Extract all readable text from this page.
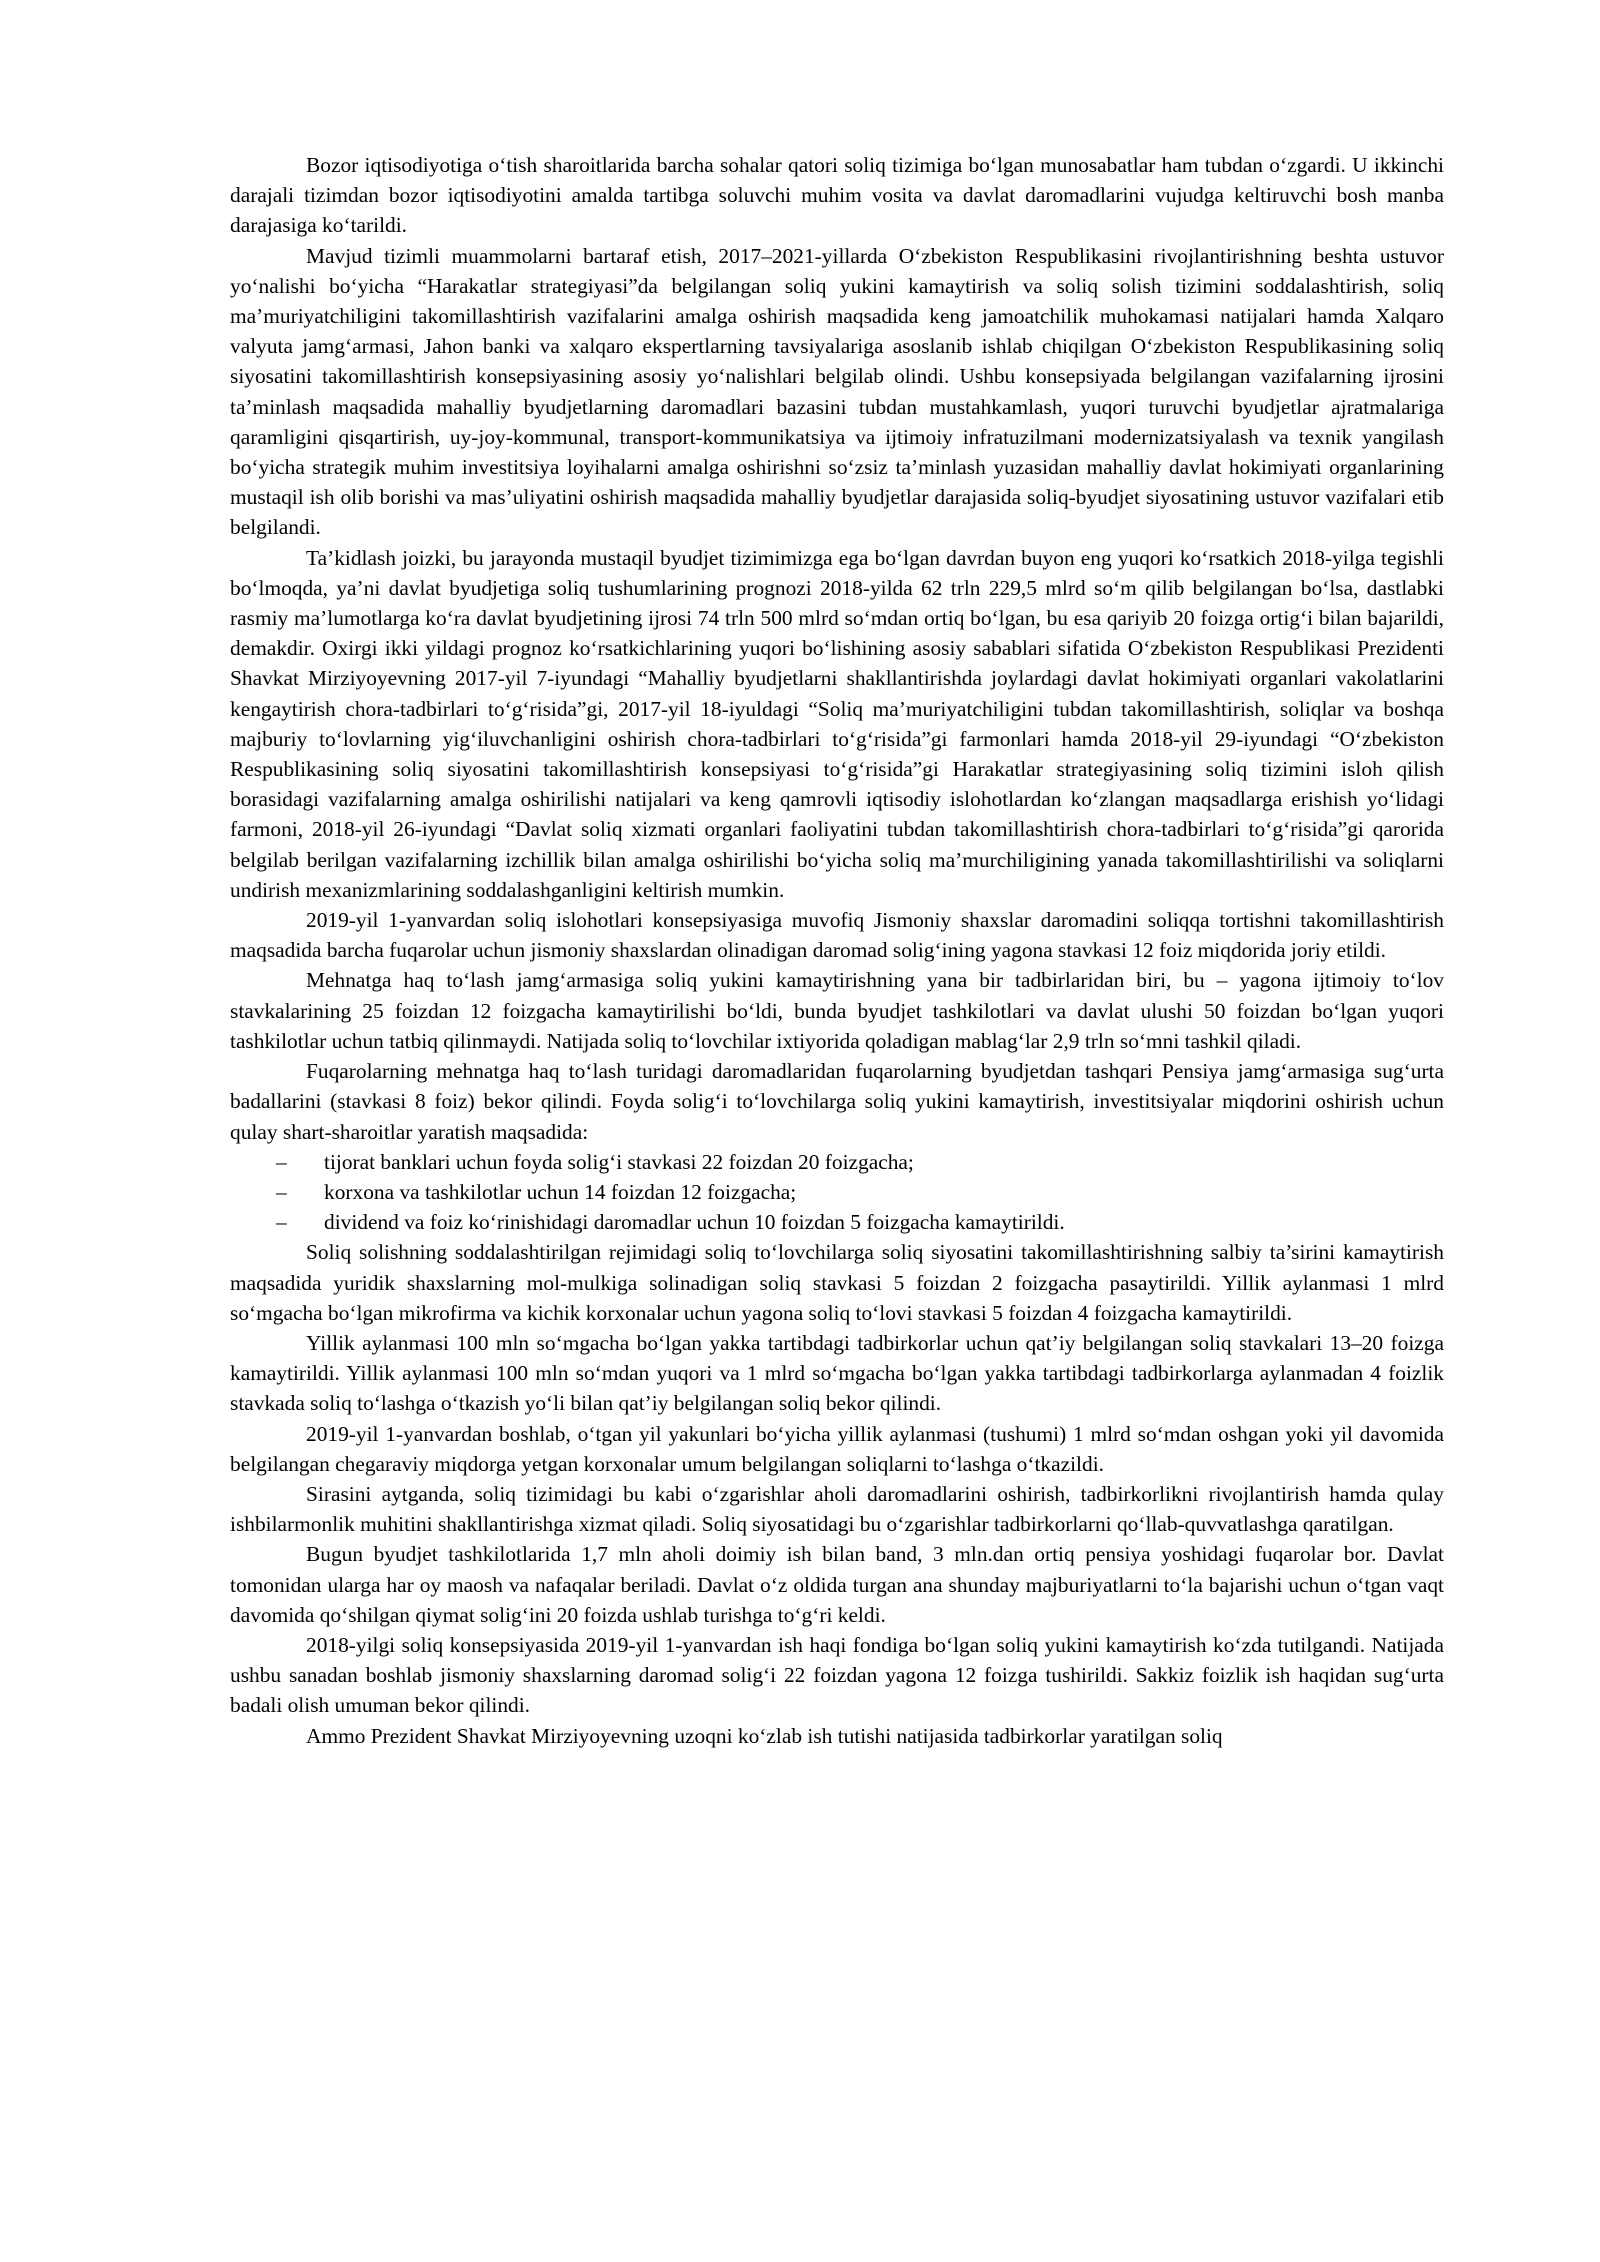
Bozor iqtisodiyotiga o‘tish sharoitlarida barcha sohalar qatori soliq tizimiga bo‘lgan munosabatlar ham tubdan o‘zgardi. U ikkinchi darajali tizimdan bozor iqtisodiyotini amalda tartibga soluvchi muhim vosita va davlat daromadlarini vujudga keltiruvchi bosh manba darajasiga ko‘tarildi.

Mavjud tizimli muammolarni bartaraf etish, 2017–2021-yillarda O‘zbekiston Respublikasini rivojlantirishning beshta ustuvor yo‘nalishi bo‘yicha “Harakatlar strategiyasi”da belgilangan soliq yukini kamaytirish va soliq solish tizimini soddalashtirish, soliq ma’muriyatchiligini takomillashtirish vazifalarini amalga oshirish maqsadida keng jamoatchilik muhokamasi natijalari hamda Xalqaro valyuta jamg‘armasi, Jahon banki va xalqaro ekspertlarning tavsiyalariga asoslanib ishlab chiqilgan O‘zbekiston Respublikasining soliq siyosatini takomillashtirish konsepsiyasining asosiy yo‘nalishlari belgilab olindi. Ushbu konsepsiyada belgilangan vazifalarning ijrosini ta’minlash maqsadida mahalliy byudjetlarning daromadlari bazasini tubdan mustahkamlash, yuqori turuvchi byudjetlar ajratmalariga qaramligini qisqartirish, uy-joy-kommunal, transport-kommunikatsiya va ijtimoiy infratuzilmani modernizatsiyalash va texnik yangilash bo‘yicha strategik muhim investitsiya loyihalarni amalga oshirishni so‘zsiz ta’minlash yuzasidan mahalliy davlat hokimiyati organlarining mustaqil ish olib borishi va mas’uliyatini oshirish maqsadida mahalliy byudjetlar darajasida soliq-byudjet siyosatining ustuvor vazifalari etib belgilandi.

Ta’kidlash joizki, bu jarayonda mustaqil byudjet tizimimizga ega bo‘lgan davrdan buyon eng yuqori ko‘rsatkich 2018-yilga tegishli bo‘lmoqda, ya’ni davlat byudjetiga soliq tushumlarining prognozi 2018-yilda 62 trln 229,5 mlrd so‘m qilib belgilangan bo‘lsa, dastlabki rasmiy ma’lumotlarga ko‘ra davlat byudjetining ijrosi 74 trln 500 mlrd so‘mdan ortiq bo‘lgan, bu esa qariyib 20 foizga ortig‘i bilan bajarildi, demakdir. Oxirgi ikki yildagi prognoz ko‘rsatkichlarining yuqori bo‘lishining asosiy sabablari sifatida O‘zbekiston Respublikasi Prezidenti Shavkat Mirziyoyevning 2017-yil 7-iyundagi “Mahalliy byudjetlarni shakllantirishda joylardagi davlat hokimiyati organlari vakolatlarini kengaytirish chora-tadbirlari to‘g‘risida”gi, 2017-yil 18-iyuldagi “Soliq ma’muriyatchiligini tubdan takomillashtirish, soliqlar va boshqa majburiy to‘lovlarning yig‘iluvchanligini oshirish chora-tadbirlari to‘g‘risida”gi farmonlari hamda 2018-yil 29-iyundagi “O‘zbekiston Respublikasining soliq siyosatini takomillashtirish konsepsiyasi to‘g‘risida”gi Harakatlar strategiyasining soliq tizimini isloh qilish borasidagi vazifalarning amalga oshirilishi natijalari va keng qamrovli iqtisodiy islohotlardan ko‘zlangan maqsadlarga erishish yo‘lidagi farmoni, 2018-yil 26-iyundagi “Davlat soliq xizmati organlari faoliyatini tubdan takomillashtirish chora-tadbirlari to‘g‘risida”gi qarorida belgilab berilgan vazifalarning izchillik bilan amalga oshirilishi bo‘yicha soliq ma’murchiligining yanada takomillashtirilishi va soliqlarni undirish mexanizmlarining soddalashganligini keltirish mumkin.

2019-yil 1-yanvardan soliq islohotlari konsepsiyasiga muvofiq Jismoniy shaxslar daromadini soliqqa tortishni takomillashtirish maqsadida barcha fuqarolar uchun jismoniy shaxslardan olinadigan daromad solig‘ining yagona stavkasi 12 foiz miqdorida joriy etildi.

Mehnatga haq to‘lash jamg‘armasiga soliq yukini kamaytirishning yana bir tadbirlaridan biri, bu – yagona ijtimoiy to‘lov stavkalarining 25 foizdan 12 foizgacha kamaytirilishi bo‘ldi, bunda byudjet tashkilotlari va davlat ulushi 50 foizdan bo‘lgan yuqori tashkilotlar uchun tatbiq qilinmaydi. Natijada soliq to‘lovchilar ixtiyorida qoladigan mablag‘lar 2,9 trln so‘mni tashkil qiladi.

Fuqarolarning mehnatga haq to‘lash turidagi daromadlaridan fuqarolarning byudjetdan tashqari Pensiya jamg‘armasiga sug‘urta badallarini (stavkasi 8 foiz) bekor qilindi. Foyda solig‘i to‘lovchilarga soliq yukini kamaytirish, investitsiyalar miqdorini oshirish uchun qulay shart-sharoitlar yaratish maqsadida:

–	tijorat banklari uchun foyda solig‘i stavkasi 22 foizdan 20 foizgacha;
–	korxona va tashkilotlar uchun 14 foizdan 12 foizgacha;
–	dividend va foiz ko‘rinishidagi daromadlar uchun 10 foizdan 5 foizgacha kamaytirildi.

Soliq solishning soddalashtirilgan rejimidagi soliq to‘lovchilarga soliq siyosatini takomillashtirishning salbiy ta’sirini kamaytirish maqsadida yuridik shaxslarning mol-mulkiga solinadigan soliq stavkasi 5 foizdan 2 foizgacha pasaytirildi. Yillik aylanmasi 1 mlrd so‘mgacha bo‘lgan mikrofirma va kichik korxonalar uchun yagona soliq to‘lovi stavkasi 5 foizdan 4 foizgacha kamaytirildi.

Yillik aylanmasi 100 mln so‘mgacha bo‘lgan yakka tartibdagi tadbirkorlar uchun qat’iy belgilangan soliq stavkalari 13–20 foizga kamaytirildi. Yillik aylanmasi 100 mln so‘mdan yuqori va 1 mlrd so‘mgacha bo‘lgan yakka tartibdagi tadbirkorlarga aylanmadan 4 foizlik stavkada soliq to‘lashga o‘tkazish yo‘li bilan qat’iy belgilangan soliq bekor qilindi.

2019-yil 1-yanvardan boshlab, o‘tgan yil yakunlari bo‘yicha yillik aylanmasi (tushumi) 1 mlrd so‘mdan oshgan yoki yil davomida belgilangan chegaraviy miqdorga yetgan korxonalar umum belgilangan soliqlarni to‘lashga o‘tkazildi.

Sirasini aytganda, soliq tizimidagi bu kabi o‘zgarishlar aholi daromadlarini oshirish, tadbirkorlikni rivojlantirish hamda qulay ishbilarmonlik muhitini shakllantirishga xizmat qiladi. Soliq siyosatidagi bu o‘zgarishlar tadbirkorlarni qo‘llab-quvvatlashga qaratilgan.

Bugun byudjet tashkilotlarida 1,7 mln aholi doimiy ish bilan band, 3 mln.dan ortiq pensiya yoshidagi fuqarolar bor. Davlat tomonidan ularga har oy maosh va nafaqalar beriladi. Davlat o‘z oldida turgan ana shunday majburiyatlarni to‘la bajarishi uchun o‘tgan vaqt davomida qo‘shilgan qiymat solig‘ini 20 foizda ushlab turishga to‘g‘ri keldi.

2018-yilgi soliq konsepsiyasida 2019-yil 1-yanvardan ish haqi fondiga bo‘lgan soliq yukini kamaytirish ko‘zda tutilgandi. Natijada ushbu sanadan boshlab jismoniy shaxslarning daromad solig‘i 22 foizdan yagona 12 foizga tushirildi. Sakkiz foizlik ish haqidan sug‘urta badali olish umuman bekor qilindi.

Ammo Prezident Shavkat Mirziyoyevning uzoqni ko‘zlab ish tutishi natijasida tadbirkorlar yaratilgan soliq
